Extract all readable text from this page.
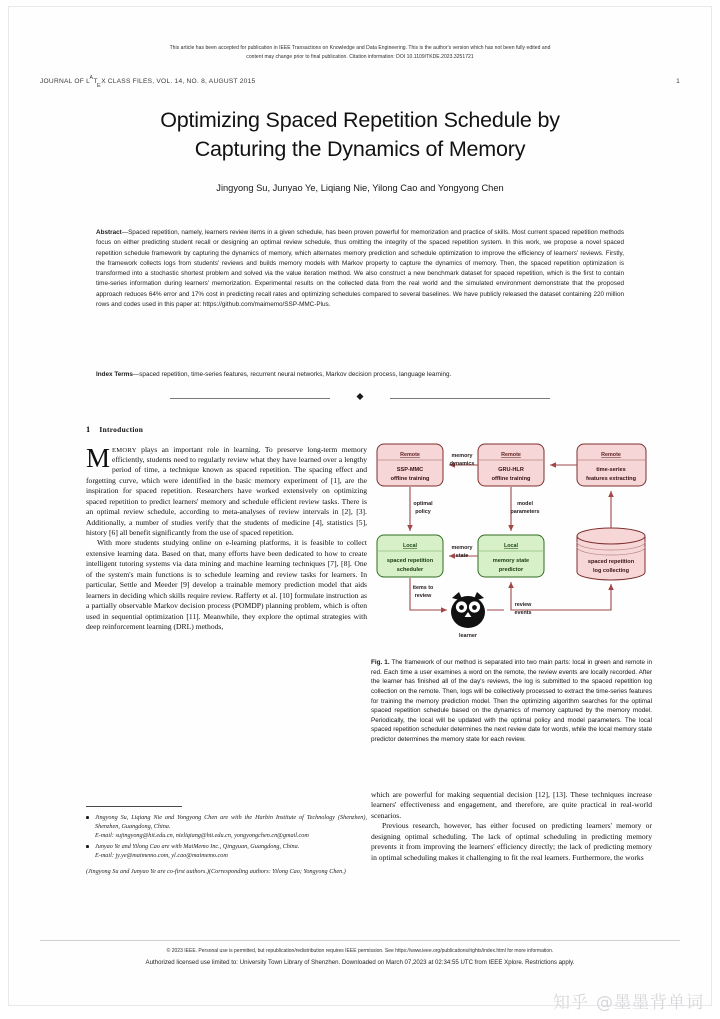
This article has been accepted for publication in IEEE Transactions on Knowledge and Data Engineering. This is the author's version which has not been fully edited and
content may change prior to final publication. Citation information: DOI 10.1109/TKDE.2023.3251721
JOURNAL OF $L^AT_EX$ CLASS FILES, VOL. 14, NO. 8, AUGUST 2015	1
Optimizing Spaced Repetition Schedule by
Capturing the Dynamics of Memory
Jingyong Su, Junyao Ye, Liqiang Nie, Yilong Cao and Yongyong Chen
Abstract—Spaced repetition, namely, learners review items in a given schedule, has been proven powerful for memorization and practice of skills. Most current spaced repetition methods focus on either predicting student recall or designing an optimal review schedule, thus omitting the integrity of the spaced repetition system. In this work, we propose a novel spaced repetition schedule framework by capturing the dynamics of memory, which alternates memory prediction and schedule optimization to improve the efficiency of learners' reviews. Firstly, the framework collects logs from students' reviews and builds memory models with Markov property to capture the dynamics of memory. Then, the spaced repetition optimization is transformed into a stochastic shortest problem and solved via the value iteration method. We also construct a new benchmark dataset for spaced repetition, which is the first to contain time-series information during learners' memorization. Experimental results on the collected data from the real world and the simulated environment demonstrate that the proposed approach reduces 64% error and 17% cost in predicting recall rates and optimizing schedules compared to several baselines. We have publicly released the dataset containing 220 million rows and codes used in this paper at: https://github.com/maimemo/SSP-MMC-Plus.
Index Terms—spaced repetition, time-series features, recurrent neural networks, Markov decision process, language learning.
1 Introduction

MEMORY plays an important role in learning. To preserve long-term memory efficiently, students need to regularly review what they have learned over a lengthy period of time, a technique known as spaced repetition. The spacing effect and forgetting curve, which were identified in the basic memory experiment of [1], are the inspiration for spaced repetition. Researchers have worked extensively on optimizing spaced repetition to predict learners' memory and schedule efficient review tasks. There is an optimal review schedule, according to meta-analyses of review intervals in [2], [3]. Additionally, a number of studies verify that the students of medicine [4], statistics [5], history [6] all benefit significantly from the use of spaced repetition.

With more students studying online on e-learning platforms, it is feasible to collect extensive learning data. Based on that, many efforts have been dedicated to how to create intelligent tutoring systems via data mining and machine learning techniques [7], [8]. One of the system's main functions is to schedule learning and review tasks for learners. In particular, Settle and Meeder [9] develop a trainable memory prediction model that aids learners in deciding which skills require review. Rafferty et al. [10] formulate instruction as a partially observable Markov decision process (POMDP) planning problem, which is often used in sequential optimization [11]. Meanwhile, they explore the optimal strategies with deep reinforcement learning (DRL) methods,

Remote
SSP-MMC
offline training
Remote
GRU-HLR
offline training
Remote
time-series
features extracting
Local
spaced repetition
scheduler
Local
memory state
predictor
spaced repetition
log collecting
memory
dynamics
optimal
policy
model
parameters
memory
state
items to
review
learner
review
events
Fig. 1. The framework of our method is separated into two main parts: local in green and remote in red. Each time a user examines a word on the remote, the review events are locally recorded. After the learner has finished all of the day's reviews, the log is submitted to the spaced repetition log collection on the remote. Then, logs will be collectively processed to extract the time-series features for training the memory prediction model. Then the optimizing algorithm searches for the optimal spaced repetition schedule based on the dynamics of memory captured by the memory model. Periodically, the local will be updated with the optimal policy and model parameters. The local spaced repetition scheduler determines the next review date for words, while the local memory state predictor determines the memory state for each review.

which are powerful for making sequential decision [12], [13]. These techniques increase learners' effectiveness and engagement, and therefore, are quite practical in real-world scenarios.

Previous research, however, has either focused on predicting learners' memory or designing optimal scheduling. The lack of optimal scheduling in predicting memory prevents it from improving the learners' efficiency directly; the lack of predicting memory in optimal scheduling makes it challenging to fit the real learners. Furthermore, the works

Jingyong Su, Liqiang Nie and Yongyong Chen are with the Harbin Institute of Technology (Shenzhen), Shenzhen, Guangdong, China.
E-mail: sujingyong@hit.edu.cn, nieliqiang@hit.edu.cn, yongyongchen.cn@gmail.com
Junyao Ye and Yilong Cao are with MaiMemo Inc., Qingyuan, Guangdong, China.
E-mail: jy.ye@maimemo.com, yl.cao@maimemo.com
(Jingyong Su and Junyao Ye are co-first authors.)(Corresponding authors: Yilong Cao; Yongyong Chen.)
© 2023 IEEE. Personal use is permitted, but republication/redistribution requires IEEE permission. See https://www.ieee.org/publications/rights/index.html for more information.
Authorized licensed use limited to: University Town Library of Shenzhen. Downloaded on March 07,2023 at 02:34:55 UTC from IEEE Xplore. Restrictions apply.
知乎 @墨墨背单词
